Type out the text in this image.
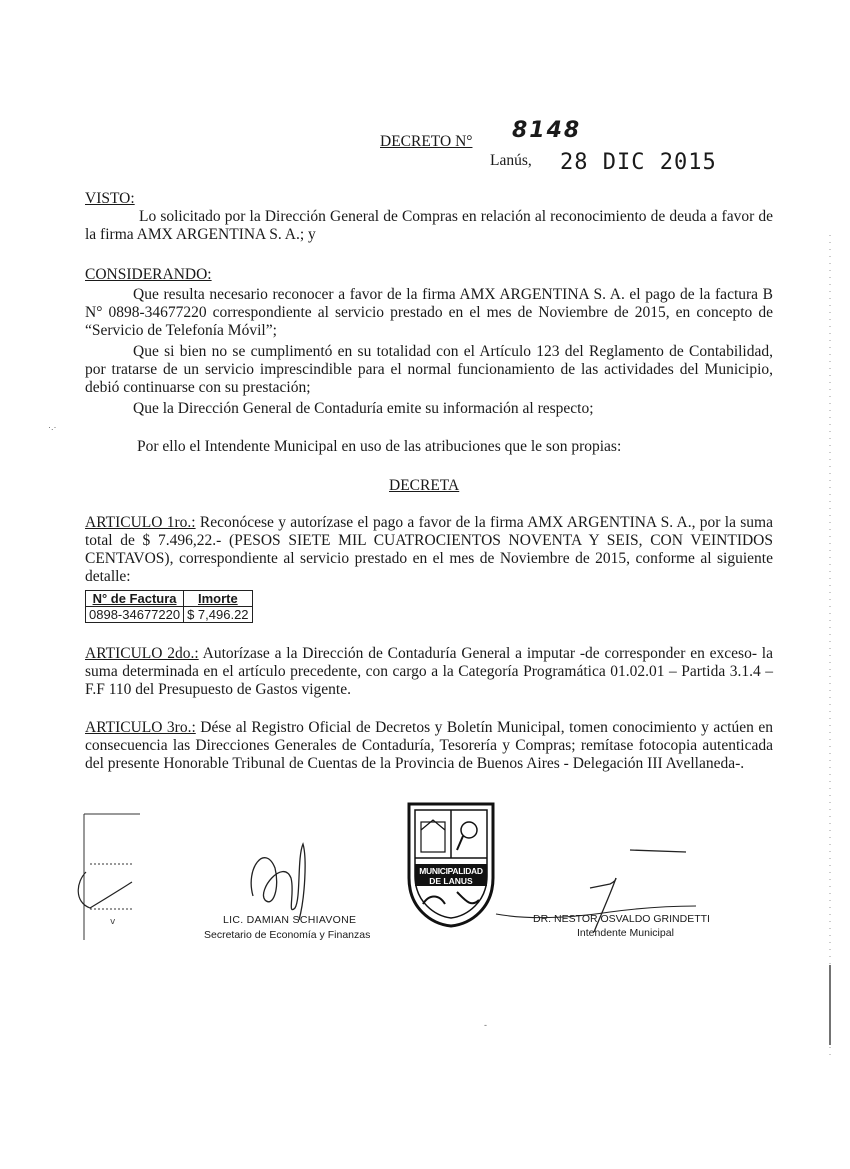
DECRETO N° 8148
Lanús, 28 DIC 2015
VISTO:
Lo solicitado por la Dirección General de Compras en relación al reconocimiento de deuda a favor de la firma AMX ARGENTINA S. A.; y
CONSIDERANDO:
Que resulta necesario reconocer a favor de la firma AMX ARGENTINA S. A. el pago de la factura B N° 0898-34677220 correspondiente al servicio prestado en el mes de Noviembre de 2015, en concepto de “Servicio de Telefonía Móvil”;
Que si bien no se cumplimentó en su totalidad con el Artículo 123 del Reglamento de Contabilidad, por tratarse de un servicio imprescindible para el normal funcionamiento de las actividades del Municipio, debió continuarse con su prestación;
Que la Dirección General de Contaduría emite su información al respecto;
Por ello el Intendente Municipal en uso de las atribuciones que le son propias:
DECRETA
ARTICULO 1ro.: Reconócese y autorízase el pago a favor de la firma AMX ARGENTINA S. A., por la suma total de $ 7.496,22.- (PESOS SIETE MIL CUATROCIENTOS NOVENTA Y SEIS, CON VEINTIDOS CENTAVOS), correspondiente al servicio prestado en el mes de Noviembre de 2015, conforme al siguiente detalle:
N° de Factura	Imorte
0898-34677220	$ 7,496.22
ARTICULO 2do.: Autorízase a la Dirección de Contaduría General a imputar -de corresponder en exceso- la suma determinada en el artículo precedente, con cargo a la Categoría Programática 01.02.01 – Partida 3.1.4 – F.F 110 del Presupuesto de Gastos vigente.
ARTICULO 3ro.: Dése al Registro Oficial de Decretos y Boletín Municipal, tomen conocimiento y actúen en consecuencia las Direcciones Generales de Contaduría, Tesorería y Compras; remítase fotocopia autenticada del presente Honorable Tribunal de Cuentas de la Provincia de Buenos Aires - Delegación III Avellaneda-.
v	LIC. DAMIAN SCHIAVONE
Secretario de Economía y Finanzas
MUNICIPALIDAD
DE LANUS
DR. NESTOR OSVALDO GRINDETTI
Intendente Municipal
·.·
-
